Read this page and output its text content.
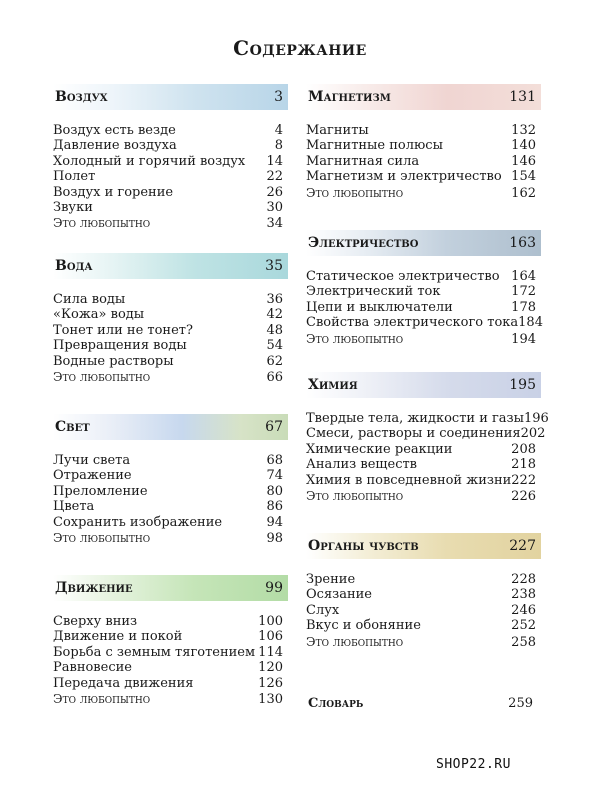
Содержание
Воздух	3
Воздух есть везде	4
Давление воздуха	8
Холодный и горячий воздух 14
Полет	22
Воздух и горение	26
Звуки	30
Это любопытно	34
Вода	35
Сила воды	36
«Кожа» воды	42
Тонет или не тонет?	48
Превращения воды	54
Водные растворы	62
Это любопытно	66
Свет	67
Лучи света	68
Отражение	74
Преломление	80
Цвета	86
Сохранить изображение	94
Это любопытно	98
Движение	99
Сверху вниз	100
Движение и покой	106
Борьба с земным тяготением 114
Равновесие	120
Передача движения	126
Это любопытно	130
Магнетизм	131
Магниты	132
Магнитные полюсы	140
Магнитная сила	146
Магнетизм и электричество 154
Это любопытно	162
Электричество	163
Статическое электричество 164
Электрический ток	172
Цепи и выключатели	178
Свойства электрического тока 184
Это любопытно	194
Химия	195
Твердые тела, жидкости и газы 196
Смеси, растворы и соединения 202
Химические реакции	208
Анализ веществ	218
Химия в повседневной жизни 222
Это любопытно	226
Органы чувств	227
Зрение	228
Осязание	238
Слух	246
Вкус и обоняние	252
Это любопытно	258
Словарь	259
SHOP22.RU
